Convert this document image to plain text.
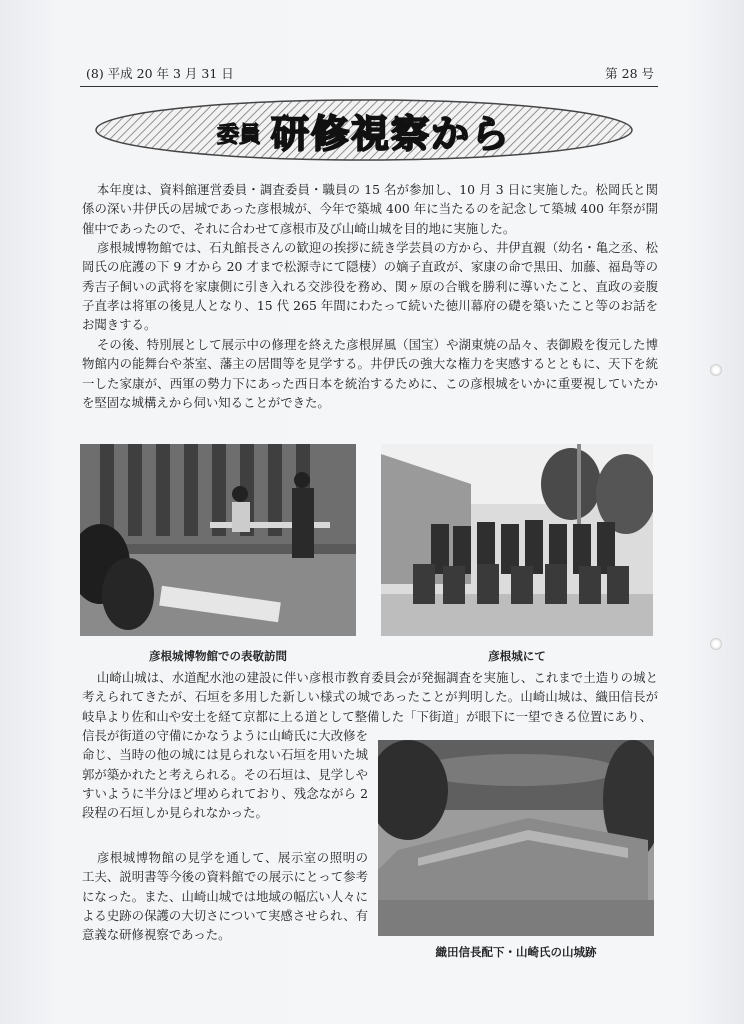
(8) 平成 20 年 3 月 31 日	第 28 号
委員 研修視察から

本年度は、資料館運営委員・調査委員・職員の 15 名が参加し、10 月 3 日に実施した。松岡氏と関係の深い井伊氏の居城であった彦根城が、今年で築城 400 年に当たるのを記念して築城 400 年祭が開催中であったので、それに合わせて彦根市及び山崎山城を目的地に実施した。

彦根城博物館では、石丸館長さんの歓迎の挨拶に続き学芸員の方から、井伊直親（幼名・亀之丞、松岡氏の庇護の下 9 才から 20 才まで松源寺にて隠棲）の嫡子直政が、家康の命で黒田、加藤、福島等の秀吉子飼いの武将を家康側に引き入れる交渉役を務め、関ヶ原の合戦を勝利に導いたこと、直政の妾腹子直孝は将軍の後見人となり、15 代 265 年間にわたって続いた徳川幕府の礎を築いたこと等のお話をお聞きする。

その後、特別展として展示中の修理を終えた彦根屏風（国宝）や湖東焼の品々、表御殿を復元した博物館内の能舞台や茶室、藩主の居間等を見学する。井伊氏の強大な権力を実感するとともに、天下を統一した家康が、西軍の勢力下にあった西日本を統治するために、この彦根城をいかに重要視していたかを堅固な城構えから伺い知ることができた。

彦根城博物館での表敬訪問	彦根城にて

山崎山城は、水道配水池の建設に伴い彦根市教育委員会が発掘調査を実施し、これまで土造りの城と考えられてきたが、石垣を多用した新しい様式の城であったことが判明した。山崎山城は、織田信長が岐阜より佐和山や安土を経て京都に上る道として整備した「下街道」が眼下に一望できる位置にあり、

信長が街道の守備にかなうように山崎氏に大改修を命じ、当時の他の城には見られない石垣を用いた城郭が築かれたと考えられる。その石垣は、見学しやすいように半分ほど埋められており、残念ながら 2 段程の石垣しか見られなかった。

彦根城博物館の見学を通して、展示室の照明の工夫、説明書等今後の資料館での展示にとって参考になった。また、山崎山城では地域の幅広い人々による史跡の保護の大切さについて実感させられ、有意義な研修視察であった。

織田信長配下・山崎氏の山城跡
